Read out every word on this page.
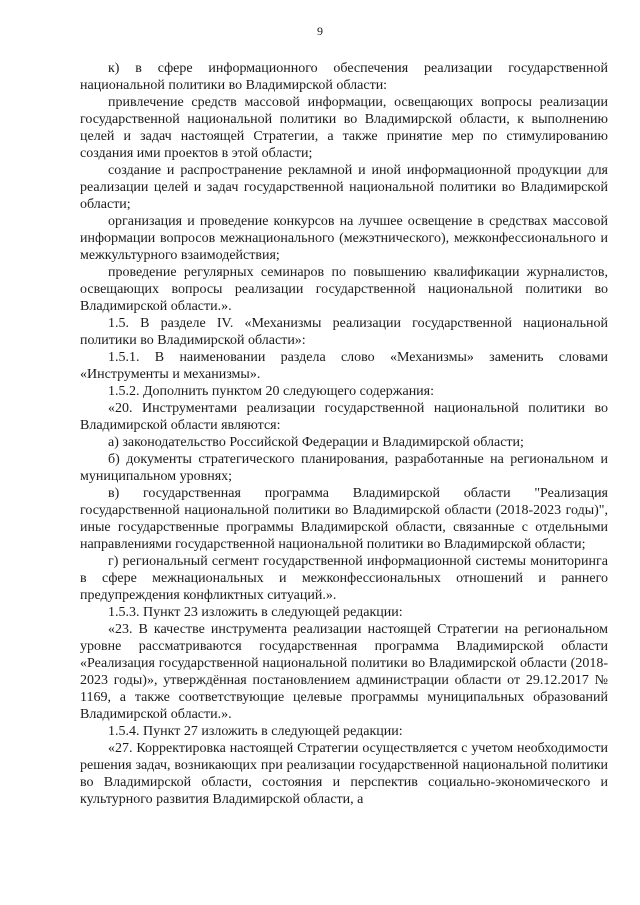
9

к) в сфере информационного обеспечения реализации государственной национальной политики во Владимирской области:

привлечение средств массовой информации, освещающих вопросы реализации государственной национальной политики во Владимирской области, к выполнению целей и задач настоящей Стратегии, а также принятие мер по стимулированию создания ими проектов в этой области;

создание и распространение рекламной и иной информационной продукции для реализации целей и задач государственной национальной политики во Владимирской области;

организация и проведение конкурсов на лучшее освещение в средствах массовой информации вопросов межнационального (межэтнического), межконфессионального и межкультурного взаимодействия;

проведение регулярных семинаров по повышению квалификации журналистов, освещающих вопросы реализации государственной национальной политики во Владимирской области.».

1.5. В разделе IV. «Механизмы реализации государственной национальной политики во Владимирской области»:

1.5.1. В наименовании раздела слово «Механизмы» заменить словами «Инструменты и механизмы».

1.5.2. Дополнить пунктом 20 следующего содержания:

«20. Инструментами реализации государственной национальной политики во Владимирской области являются:

а) законодательство Российской Федерации и Владимирской области;

б) документы стратегического планирования, разработанные на региональном и муниципальном уровнях;

в) государственная программа Владимирской области "Реализация государственной национальной политики во Владимирской области (2018-2023 годы)", иные государственные программы Владимирской области, связанные с отдельными направлениями государственной национальной политики во Владимирской области;

г) региональный сегмент государственной информационной системы мониторинга в сфере межнациональных и межконфессиональных отношений и раннего предупреждения конфликтных ситуаций.».

1.5.3. Пункт 23 изложить в следующей редакции:

«23. В качестве инструмента реализации настоящей Стратегии на региональном уровне рассматриваются государственная программа Владимирской области «Реализация государственной национальной политики во Владимирской области (2018-2023 годы)», утверждённая постановлением администрации области от 29.12.2017 № 1169, а также соответствующие целевые программы муниципальных образований Владимирской области.».

1.5.4. Пункт 27 изложить в следующей редакции:

«27. Корректировка настоящей Стратегии осуществляется с учетом необходимости решения задач, возникающих при реализации государственной национальной политики во Владимирской области, состояния и перспектив социально-экономического и культурного развития Владимирской области, а
